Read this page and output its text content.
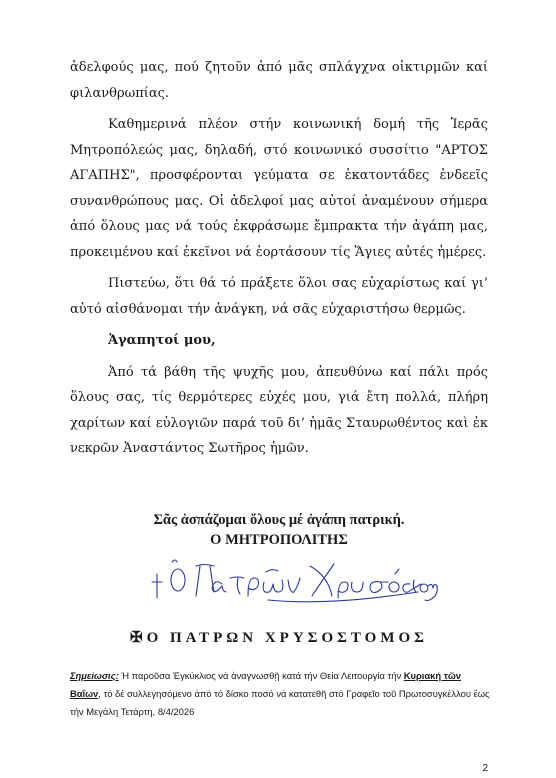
ἀδελφούς μας, πού ζητοῦν ἀπό μᾶς σπλάγχνα οἰκτιρμῶν καί φιλανθρωπίας.

Καθημερινά πλέον στήν κοινωνική δομή τῆς Ἱερᾶς Μητροπόλεώς μας, δηλαδή, στό κοινωνικό συσσίτιο "ΑΡΤΟΣ ΑΓΑΠΗΣ", προσφέρονται γεύματα σε ἑκατοντάδες ἐνδεεῖς συνανθρώπους μας. Οἱ ἀδελφοί μας αὐτοί ἀναμένουν σήμερα ἀπό ὅλους μας νά τούς ἐκφράσωμε ἔμπρακτα τήν ἀγάπη μας, προκειμένου καί ἐκεῖνοι νά ἑορτάσουν τίς Ἅγιες αὐτές ἡμέρες.

Πιστεύω, ὅτι θά τό πράξετε ὅλοι σας εὐχαρίστως καί γι’ αὐτό αἰσθάνομαι τήν ἀνάγκη, νά σᾶς εὐχαριστήσω θερμῶς.

Ἀγαπητοί μου,

Ἀπό τά βάθη τῆς ψυχῆς μου, ἀπευθύνω καί πάλι πρός ὅλους σας, τίς θερμότερες εὐχές μου, γιά ἔτη πολλά, πλήρη χαρίτων καί εὐλογιῶν παρά τοῦ δι’ ἡμᾶς Σταυρωθέντος καὶ ἐκ νεκρῶν Ἀναστάντος Σωτῆρος ἡμῶν.

Σᾶς ἀσπάζομαι ὅλους μέ ἀγάπη πατρική.
Ο ΜΗΤΡΟΠΟΛΙΤΗΣ
✠Ο ΠΑΤΡΩΝ ΧΡΥΣΟΣΤΟΜΟΣ
Σημείωσις: Ἡ παροῦσα Ἐγκύκλιος νά ἀναγνωσθῇ κατά τήν Θεία Λειτουργία τήν Κυριακή τῶν Βαΐων, τό δέ συλλεγησόμενο ἀπό τό δίσκο ποσό νά κατατεθῆ στό Γραφεῖο τοῦ Πρωτοσυγκέλλου ἕως τήν Μεγάλη Τετάρτη, 8/4/2026
2
